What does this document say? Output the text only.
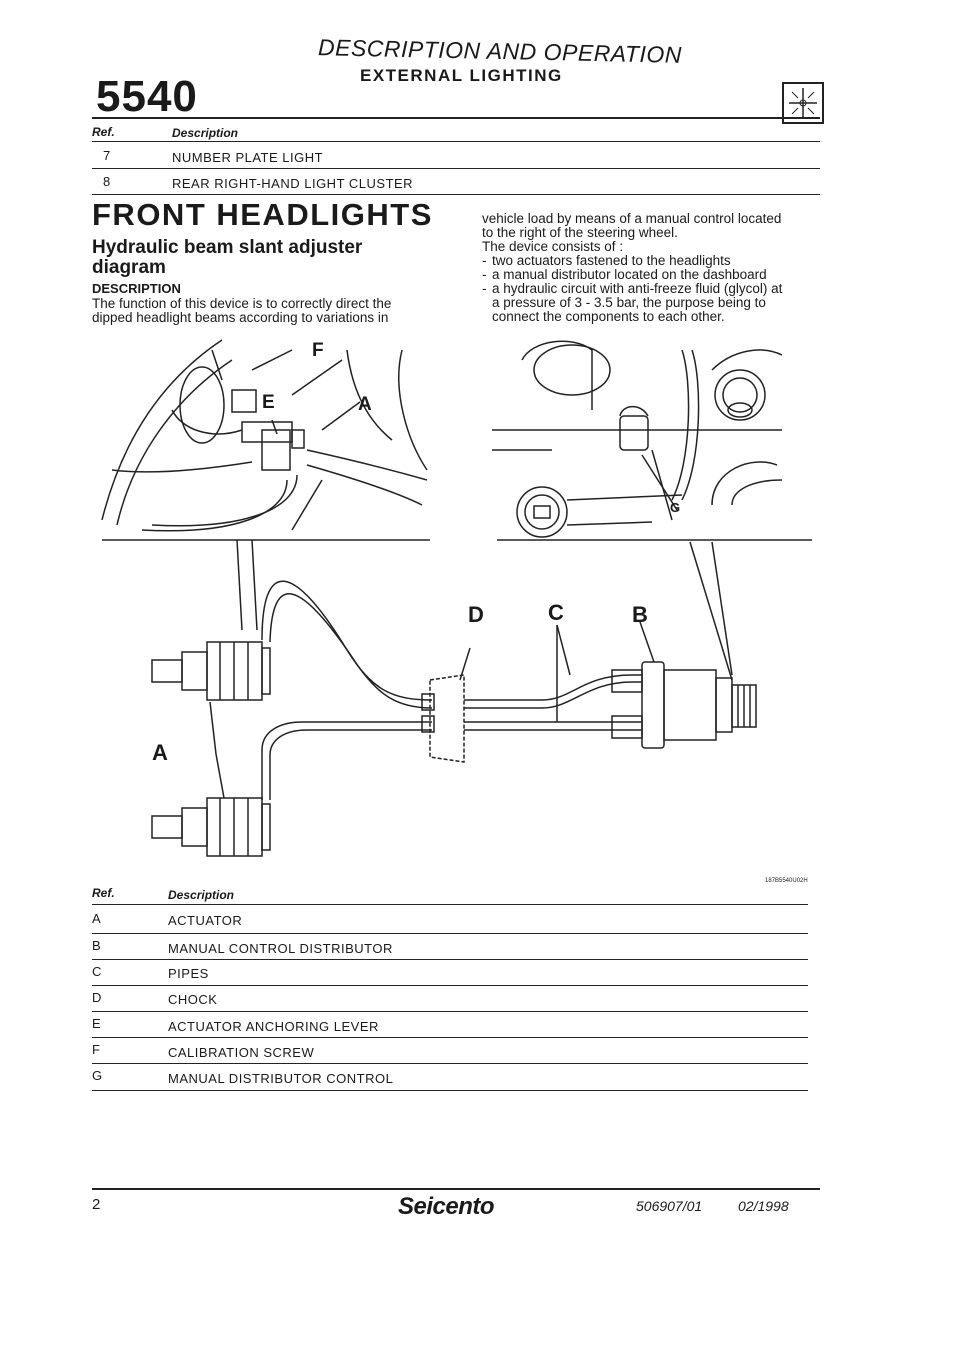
DESCRIPTION AND OPERATION
EXTERNAL LIGHTING
5540
Ref.	Description
7	NUMBER PLATE LIGHT
8	REAR RIGHT-HAND LIGHT CLUSTER
FRONT HEADLIGHTS
Hydraulic beam slant adjuster
diagram
DESCRIPTION
The function of this device is to correctly direct the
dipped headlight beams according to variations in
vehicle load by means of a manual control located
to the right of the steering wheel.
The device consists of :
- two actuators fastened to the headlights
- a manual distributor located on the dashboard
- a hydraulic circuit with anti-freeze fluid (glycol) at
a pressure of 3 - 3.5 bar, the purpose being to
connect the components to each other.
F
E	A
G
D	C	B
A
187B5540U02H
Ref.	Description
A	ACTUATOR
B	MANUAL CONTROL DISTRIBUTOR
C	PIPES
D	CHOCK
E	ACTUATOR ANCHORING LEVER
F	CALIBRATION SCREW
G	MANUAL DISTRIBUTOR CONTROL
2	Seicento	506907/01	02/1998
